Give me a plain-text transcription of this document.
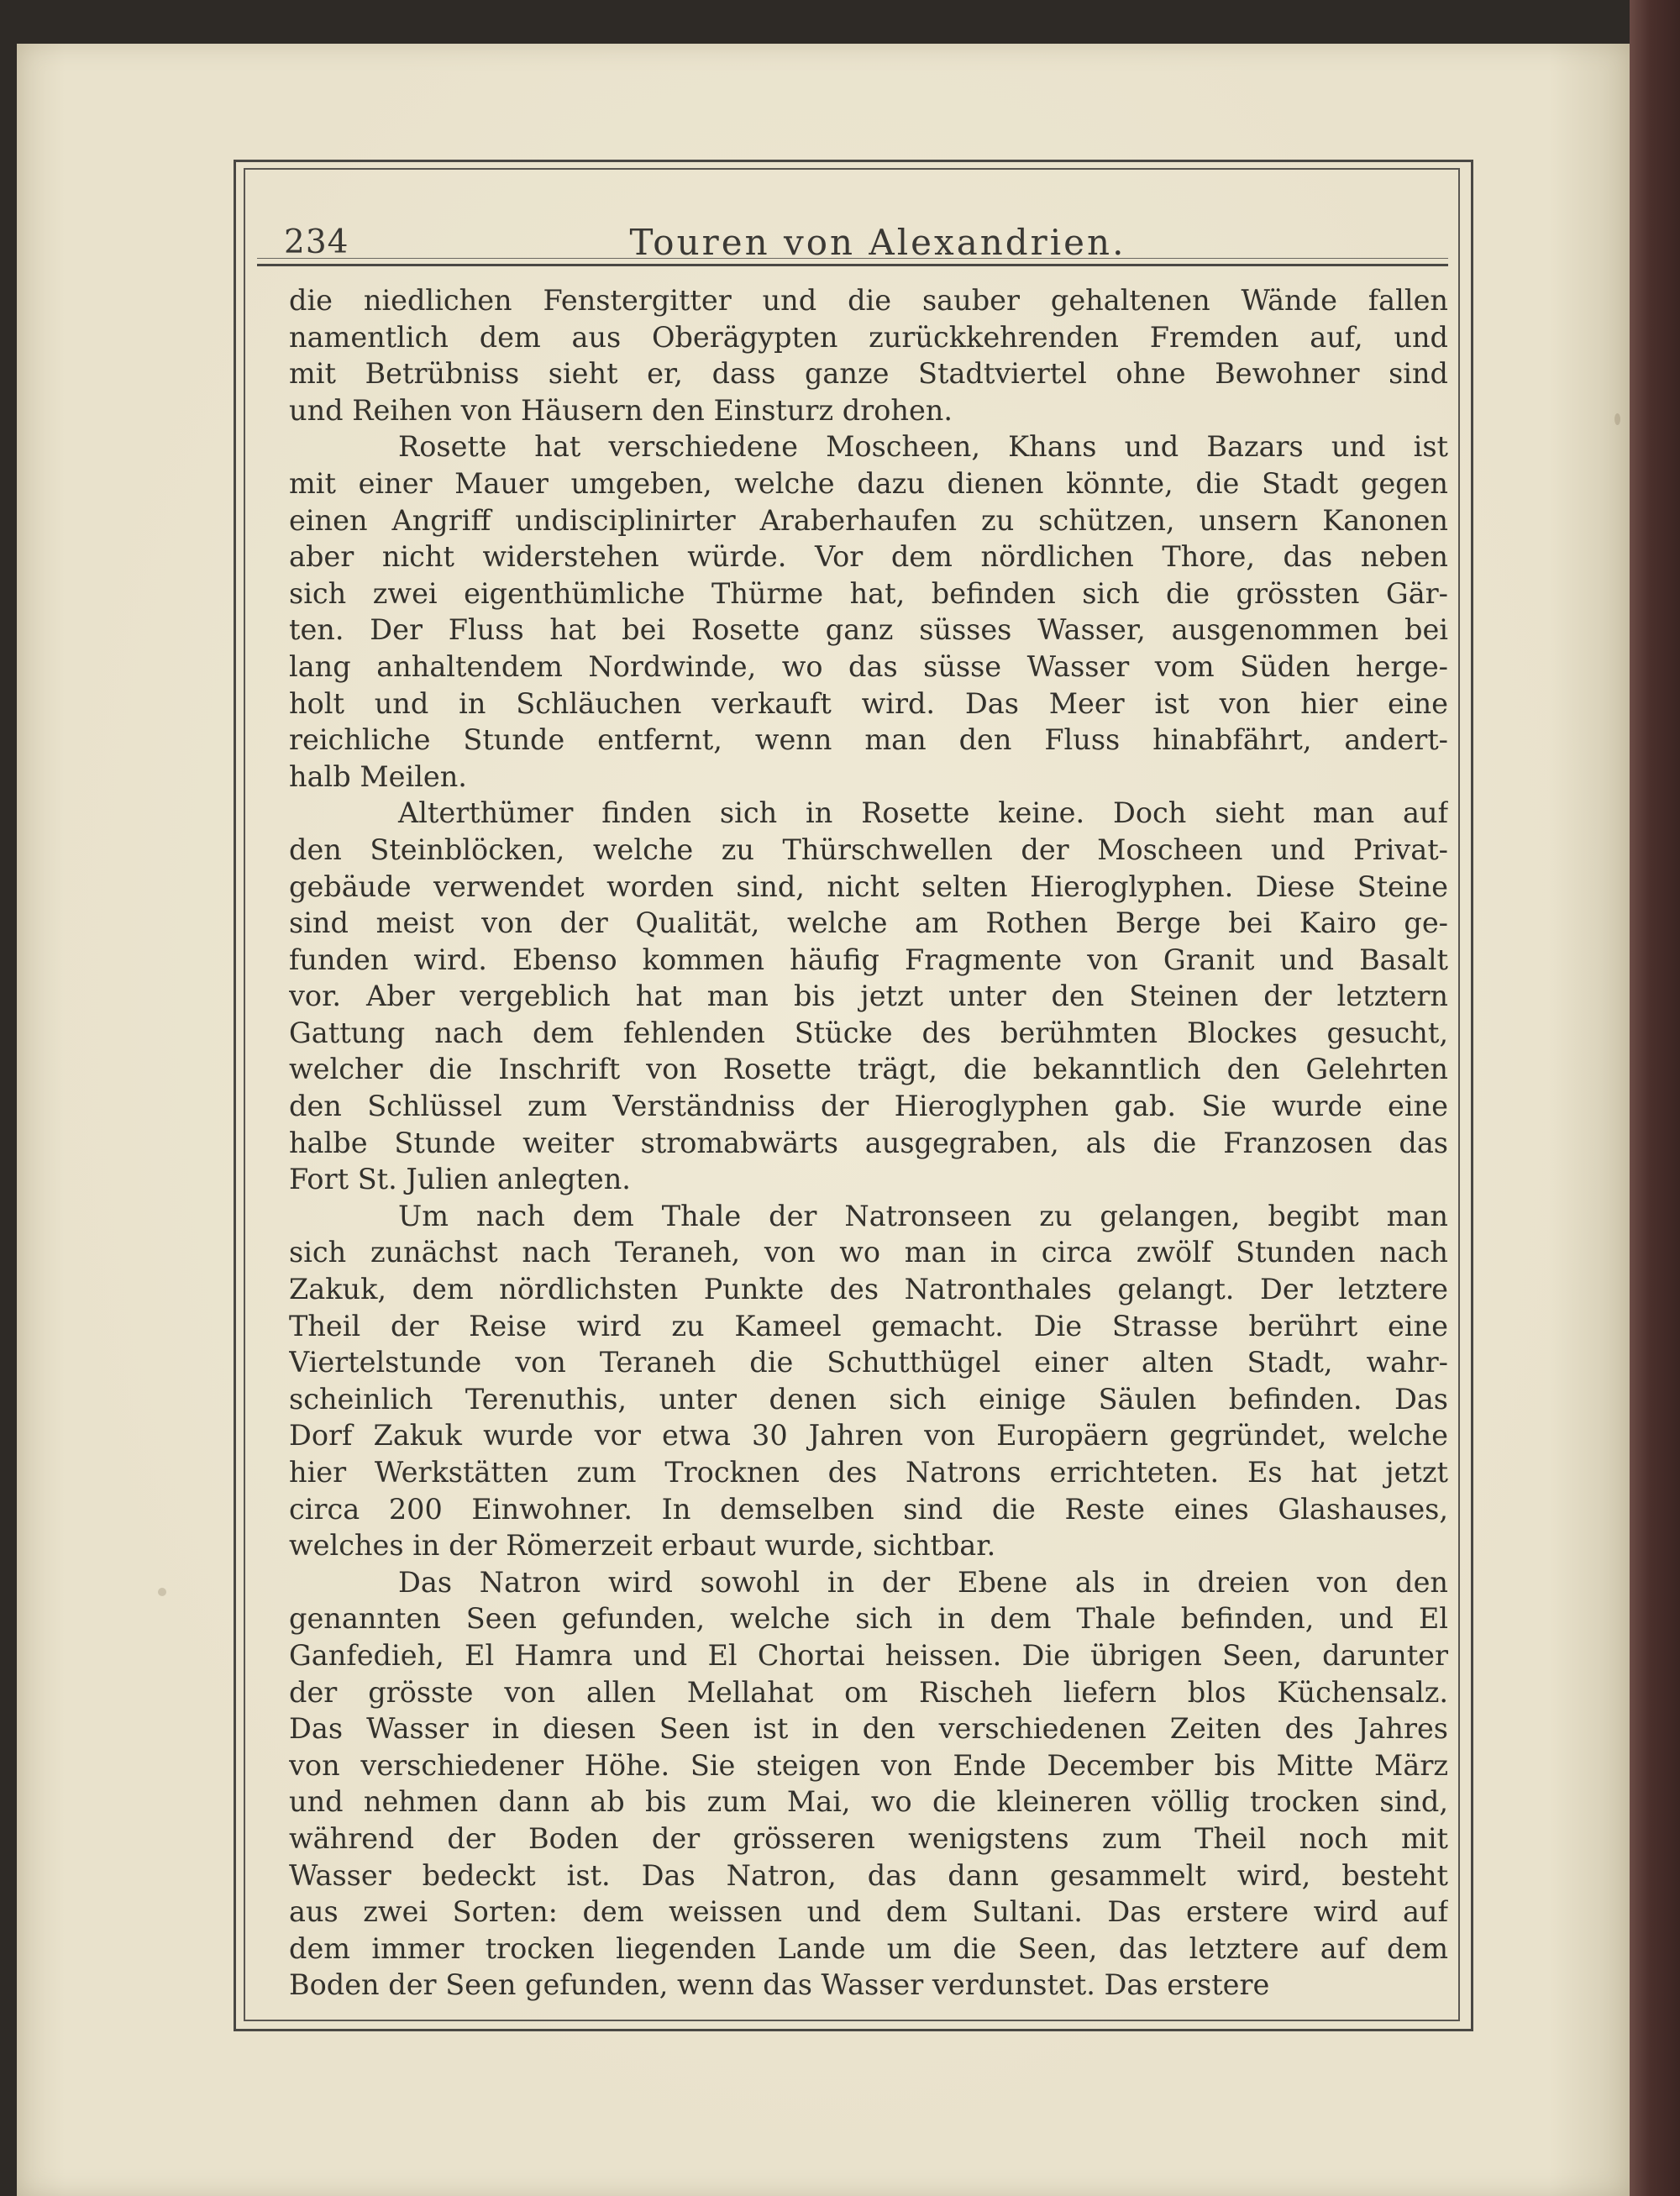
234	Touren von Alexandrien.
die niedlichen Fenstergitter und die sauber gehaltenen Wände fallen
namentlich dem aus Oberägypten zurückkehrenden Fremden auf, und
mit Betrübniss sieht er, dass ganze Stadtviertel ohne Bewohner sind
und Reihen von Häusern den Einsturz drohen.
Rosette hat verschiedene Moscheen, Khans und Bazars und ist
mit einer Mauer umgeben, welche dazu dienen könnte, die Stadt gegen
einen Angriff undisciplinirter Araberhaufen zu schützen, unsern Kanonen
aber nicht widerstehen würde. Vor dem nördlichen Thore, das neben
sich zwei eigenthümliche Thürme hat, befinden sich die grössten Gär-
ten. Der Fluss hat bei Rosette ganz süsses Wasser, ausgenommen bei
lang anhaltendem Nordwinde, wo das süsse Wasser vom Süden herge-
holt und in Schläuchen verkauft wird. Das Meer ist von hier eine
reichliche Stunde entfernt, wenn man den Fluss hinabfährt, andert-
halb Meilen.
Alterthümer finden sich in Rosette keine. Doch sieht man auf
den Steinblöcken, welche zu Thürschwellen der Moscheen und Privat-
gebäude verwendet worden sind, nicht selten Hieroglyphen. Diese Steine
sind meist von der Qualität, welche am Rothen Berge bei Kairo ge-
funden wird. Ebenso kommen häufig Fragmente von Granit und Basalt
vor. Aber vergeblich hat man bis jetzt unter den Steinen der letztern
Gattung nach dem fehlenden Stücke des berühmten Blockes gesucht,
welcher die Inschrift von Rosette trägt, die bekanntlich den Gelehrten
den Schlüssel zum Verständniss der Hieroglyphen gab. Sie wurde eine
halbe Stunde weiter stromabwärts ausgegraben, als die Franzosen das
Fort St. Julien anlegten.
Um nach dem Thale der Natronseen zu gelangen, begibt man
sich zunächst nach Teraneh, von wo man in circa zwölf Stunden nach
Zakuk, dem nördlichsten Punkte des Natronthales gelangt. Der letztere
Theil der Reise wird zu Kameel gemacht. Die Strasse berührt eine
Viertelstunde von Teraneh die Schutthügel einer alten Stadt, wahr-
scheinlich Terenuthis, unter denen sich einige Säulen befinden. Das
Dorf Zakuk wurde vor etwa 30 Jahren von Europäern gegründet, welche
hier Werkstätten zum Trocknen des Natrons errichteten. Es hat jetzt
circa 200 Einwohner. In demselben sind die Reste eines Glashauses,
welches in der Römerzeit erbaut wurde, sichtbar.
Das Natron wird sowohl in der Ebene als in dreien von den
genannten Seen gefunden, welche sich in dem Thale befinden, und El
Ganfedieh, El Hamra und El Chortai heissen. Die übrigen Seen, darunter
der grösste von allen Mellahat om Rischeh liefern blos Küchensalz.
Das Wasser in diesen Seen ist in den verschiedenen Zeiten des Jahres
von verschiedener Höhe. Sie steigen von Ende December bis Mitte März
und nehmen dann ab bis zum Mai, wo die kleineren völlig trocken sind,
während der Boden der grösseren wenigstens zum Theil noch mit
Wasser bedeckt ist. Das Natron, das dann gesammelt wird, besteht
aus zwei Sorten: dem weissen und dem Sultani. Das erstere wird auf
dem immer trocken liegenden Lande um die Seen, das letztere auf dem
Boden der Seen gefunden, wenn das Wasser verdunstet. Das erstere
